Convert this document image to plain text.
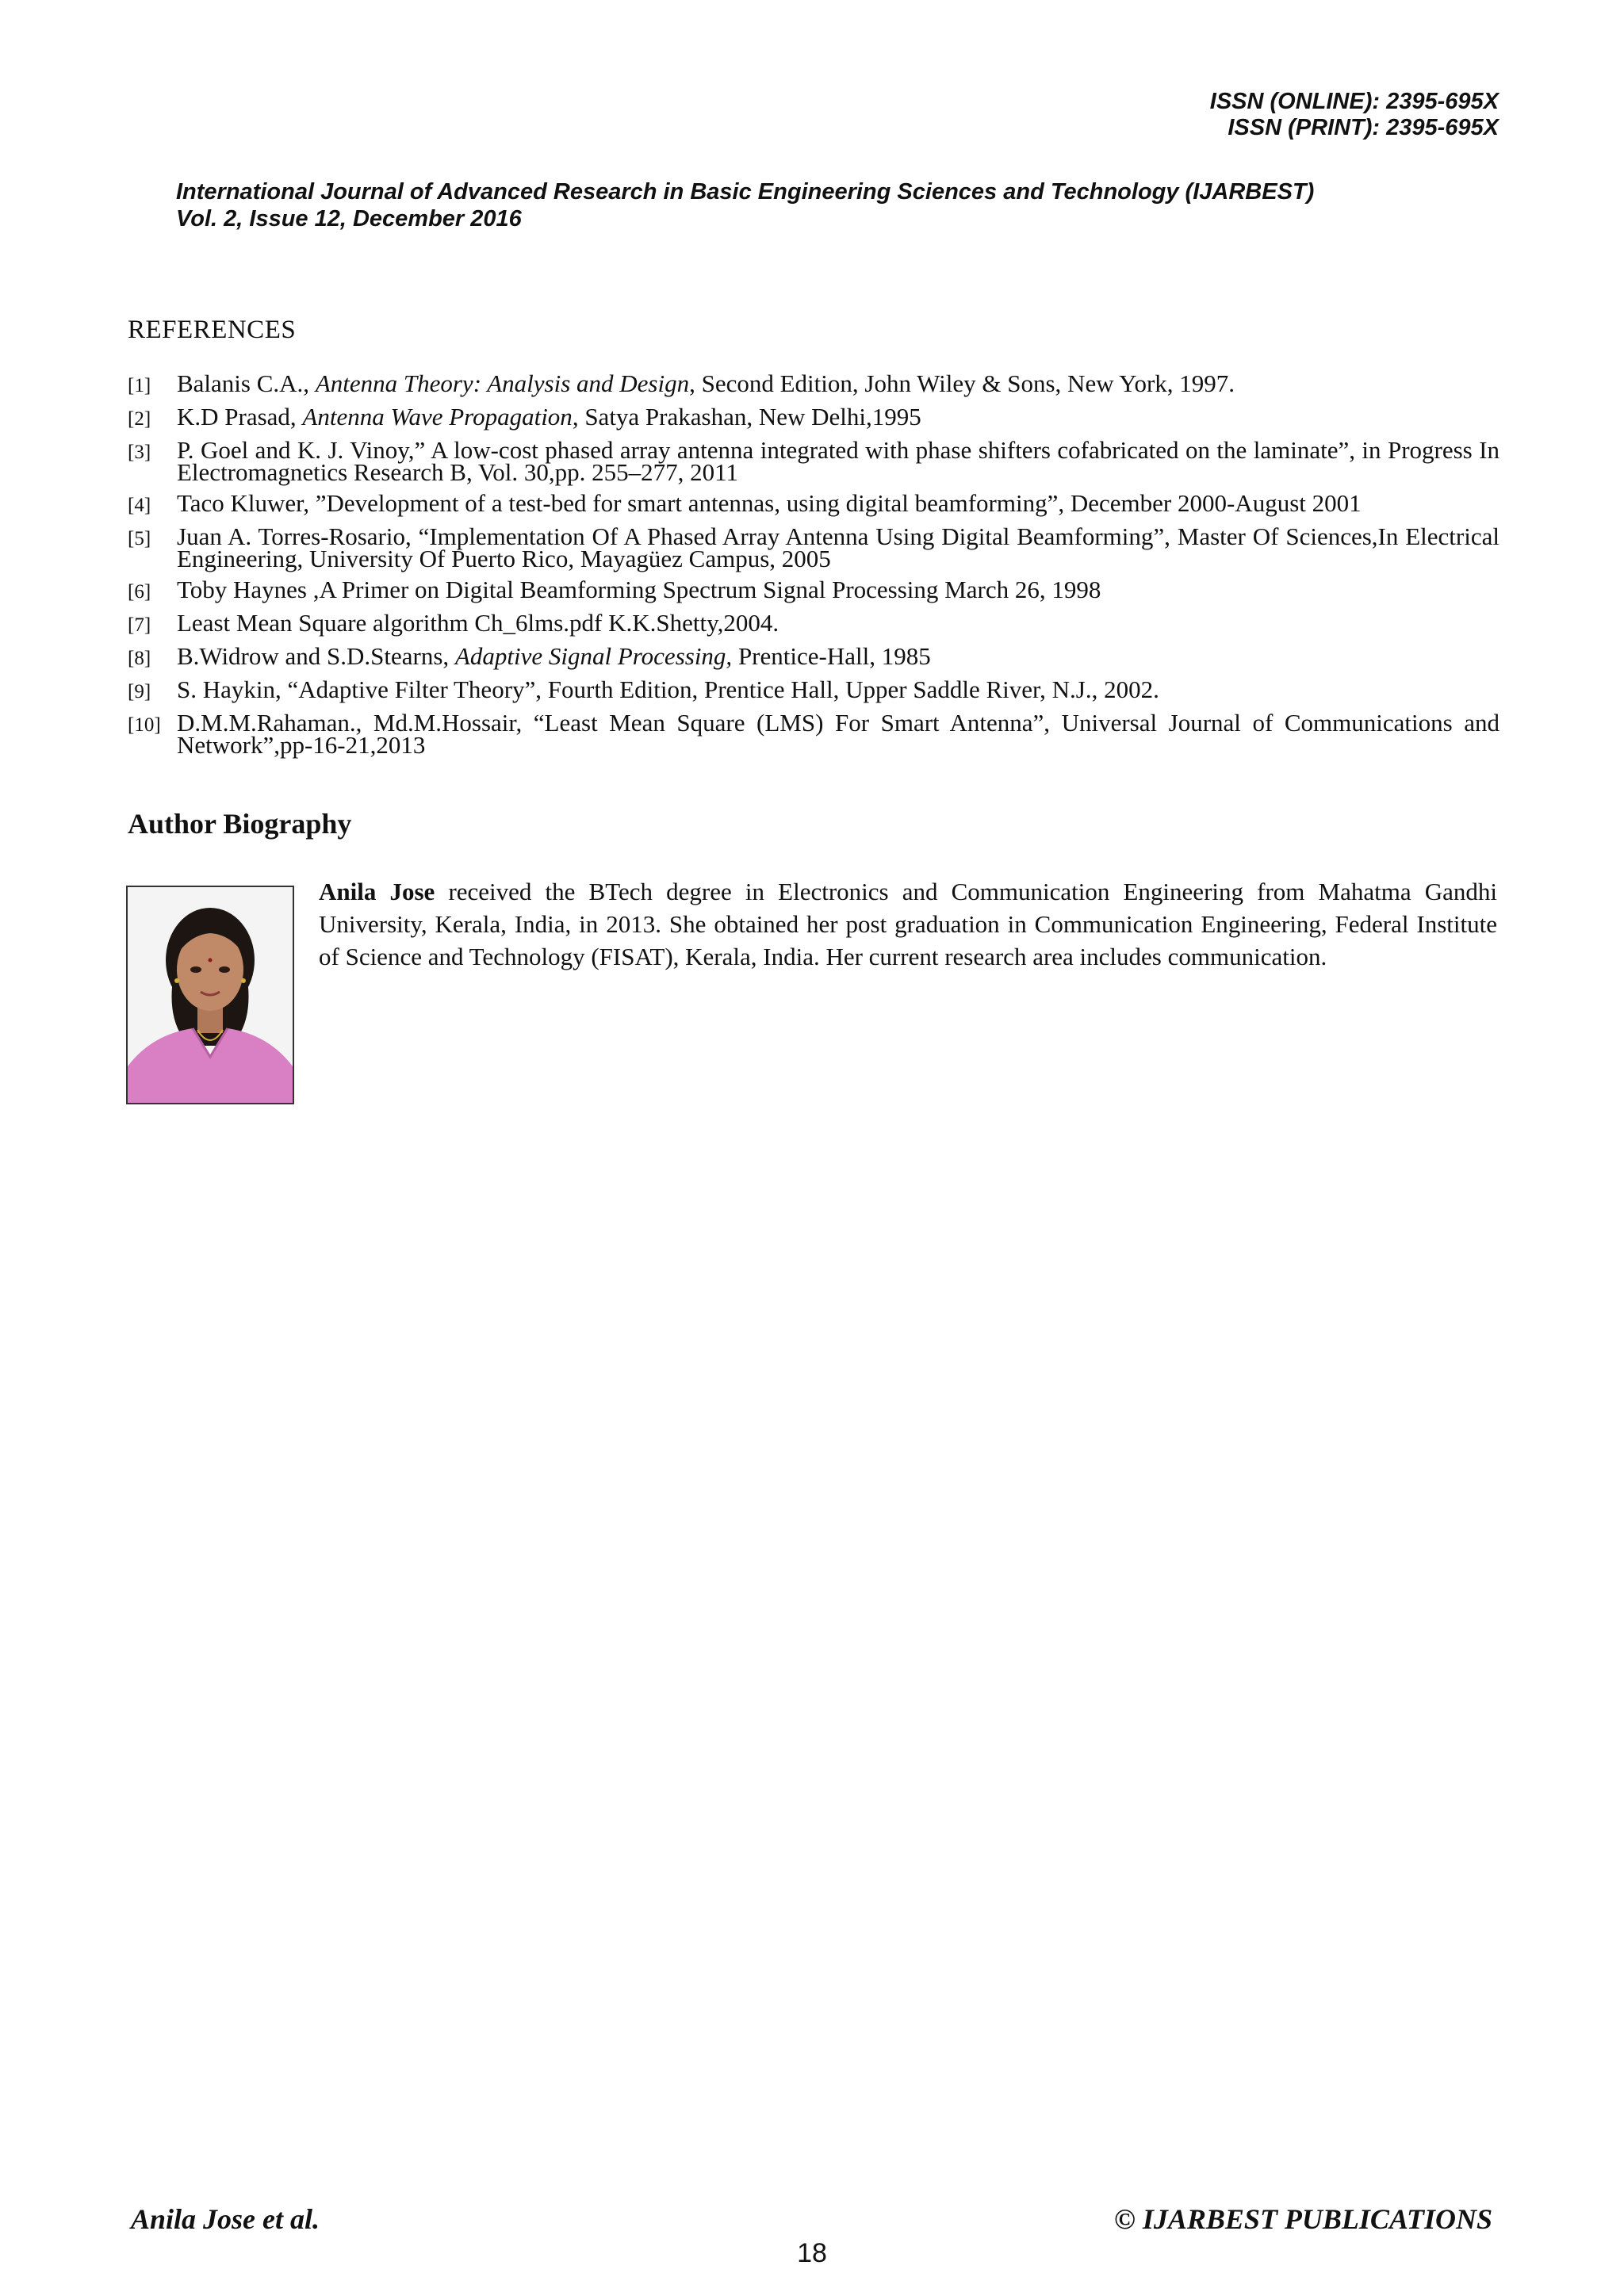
ISSN (ONLINE): 2395-695X
ISSN (PRINT): 2395-695X
International Journal of Advanced Research in Basic Engineering Sciences and Technology (IJARBEST)
Vol. 2, Issue 12, December 2016
REFERENCES
[1]	Balanis C.A., Antenna Theory: Analysis and Design, Second Edition, John Wiley & Sons, New York, 1997.
[2]	K.D Prasad, Antenna Wave Propagation, Satya Prakashan, New Delhi,1995
[3]	P. Goel and K. J. Vinoy,” A low-cost phased array antenna integrated with phase shifters cofabricated on the laminate”, in Progress In Electromagnetics Research B, Vol. 30,pp. 255–277, 2011
[4]	Taco Kluwer, ”Development of a test-bed for smart antennas, using digital beamforming”, December 2000-August 2001
[5]	Juan A. Torres-Rosario, “Implementation Of A Phased Array Antenna Using Digital Beamforming”, Master Of Sciences,In Electrical Engineering, University Of Puerto Rico, Mayagüez Campus, 2005
[6]	Toby Haynes ,A Primer on Digital Beamforming Spectrum Signal Processing March 26, 1998
[7]	Least Mean Square algorithm Ch_6lms.pdf K.K.Shetty,2004.
[8]	B.Widrow and S.D.Stearns, Adaptive Signal Processing, Prentice-Hall, 1985
[9]	S. Haykin, “Adaptive Filter Theory”, Fourth Edition, Prentice Hall, Upper Saddle River, N.J., 2002.
[10] D.M.M.Rahaman., Md.M.Hossair, “Least Mean Square (LMS) For Smart Antenna”, Universal Journal of Communications and Network”,pp-16-21,2013
Author Biography
Anila Jose received the BTech degree in Electronics and Communication Engineering from Mahatma Gandhi University, Kerala, India, in 2013. She obtained her post graduation in Communication Engineering, Federal Institute of Science and Technology (FISAT), Kerala, India. Her current research area includes communication.
Anila Jose et al.	© IJARBEST PUBLICATIONS
18
